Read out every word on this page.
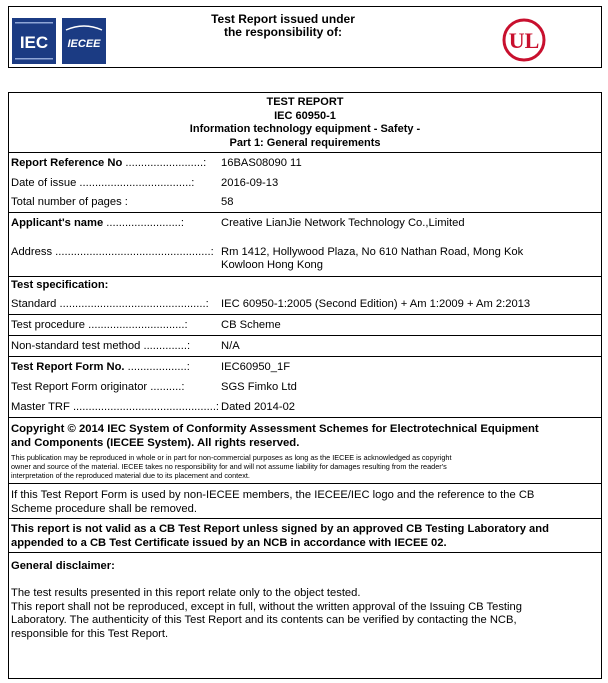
IEC IECEE
Test Report issued under
the responsibility of:	UL
TEST REPORT
IEC 60950-1
Information technology equipment - Safety -
Part 1: General requirements
Report Reference No .........................: 16BAS08090 11
Date of issue ....................................: 2016-09-13
Total number of pages :	58
Applicant's name ........................:	Creative LianJie Network Technology Co.,Limited
Address ..................................................: Rm 1412, Hollywood Plaza, No 610 Nathan Road, Mong Kok
Kowloon Hong Kong
Test specification:
Standard ...............................................: IEC 60950-1:2005 (Second Edition) + Am 1:2009 + Am 2:2013
Test procedure ...............................:	CB Scheme
Non-standard test method ..............:	N/A
Test Report Form No. ...................:	IEC60950_1F
Test Report Form originator ..........:	SGS Fimko Ltd
Master TRF ..............................................: Dated 2014-02
Copyright © 2014 IEC System of Conformity Assessment Schemes for Electrotechnical Equipment
and Components (IECEE System). All rights reserved.
This publication may be reproduced in whole or in part for non-commercial purposes as long as the IECEE is acknowledged as copyright
owner and source of the material. IECEE takes no responsibility for and will not assume liability for damages resulting from the reader's
interpretation of the reproduced material due to its placement and context.
If this Test Report Form is used by non-IECEE members, the IECEE/IEC logo and the reference to the CB
Scheme procedure shall be removed.
This report is not valid as a CB Test Report unless signed by an approved CB Testing Laboratory and
appended to a CB Test Certificate issued by an NCB in accordance with IECEE 02.
General disclaimer:
The test results presented in this report relate only to the object tested.
This report shall not be reproduced, except in full, without the written approval of the Issuing CB Testing
Laboratory. The authenticity of this Test Report and its contents can be verified by contacting the NCB,
responsible for this Test Report.
